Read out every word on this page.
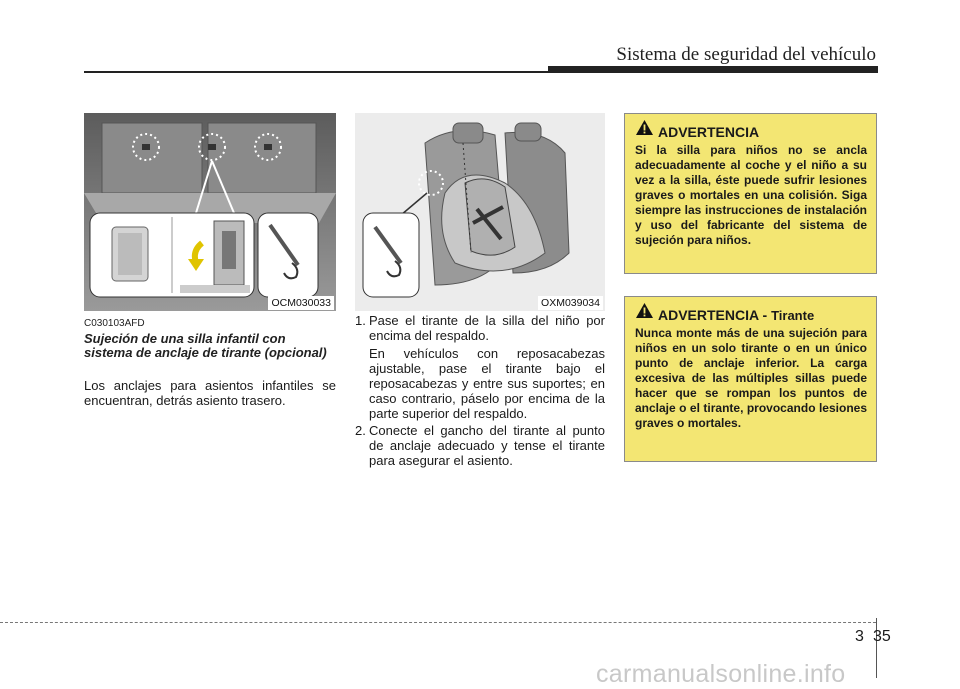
Sistema de seguridad del vehículo
OCM030033	OXM039034
C030103AFD
Sujeción de una silla infantil con sistema de anclaje de tirante (opcional)
Los anclajes para asientos infantiles se encuentran, detrás asiento trasero.
1. Pase el tirante de la silla del niño por encima del respaldo.

En vehículos con reposacabezas ajustable, pase el tirante bajo el reposacabezas y entre sus suportes; en caso contrario, páselo por encima de la parte superior del respaldo.

2. Conecte el gancho del tirante al punto de anclaje adecuado y tense el tirante para asegurar el asiento.
ADVERTENCIA
Si la silla para niños no se ancla adecuadamente al coche y el niño a su vez a la silla, éste puede sufrir lesiones graves o mortales en una colisión. Siga siempre las instrucciones de instalación y uso del fabricante del sistema de sujeción para niños.
ADVERTENCIA - Tirante
Nunca monte más de una sujeción para niños en un solo tirante o en un único punto de anclaje inferior. La carga excesiva de las múltiples sillas puede hacer que se rompan los puntos de anclaje o el tirante, provocando lesiones graves o mortales.
3 35
carmanualsonline.info
